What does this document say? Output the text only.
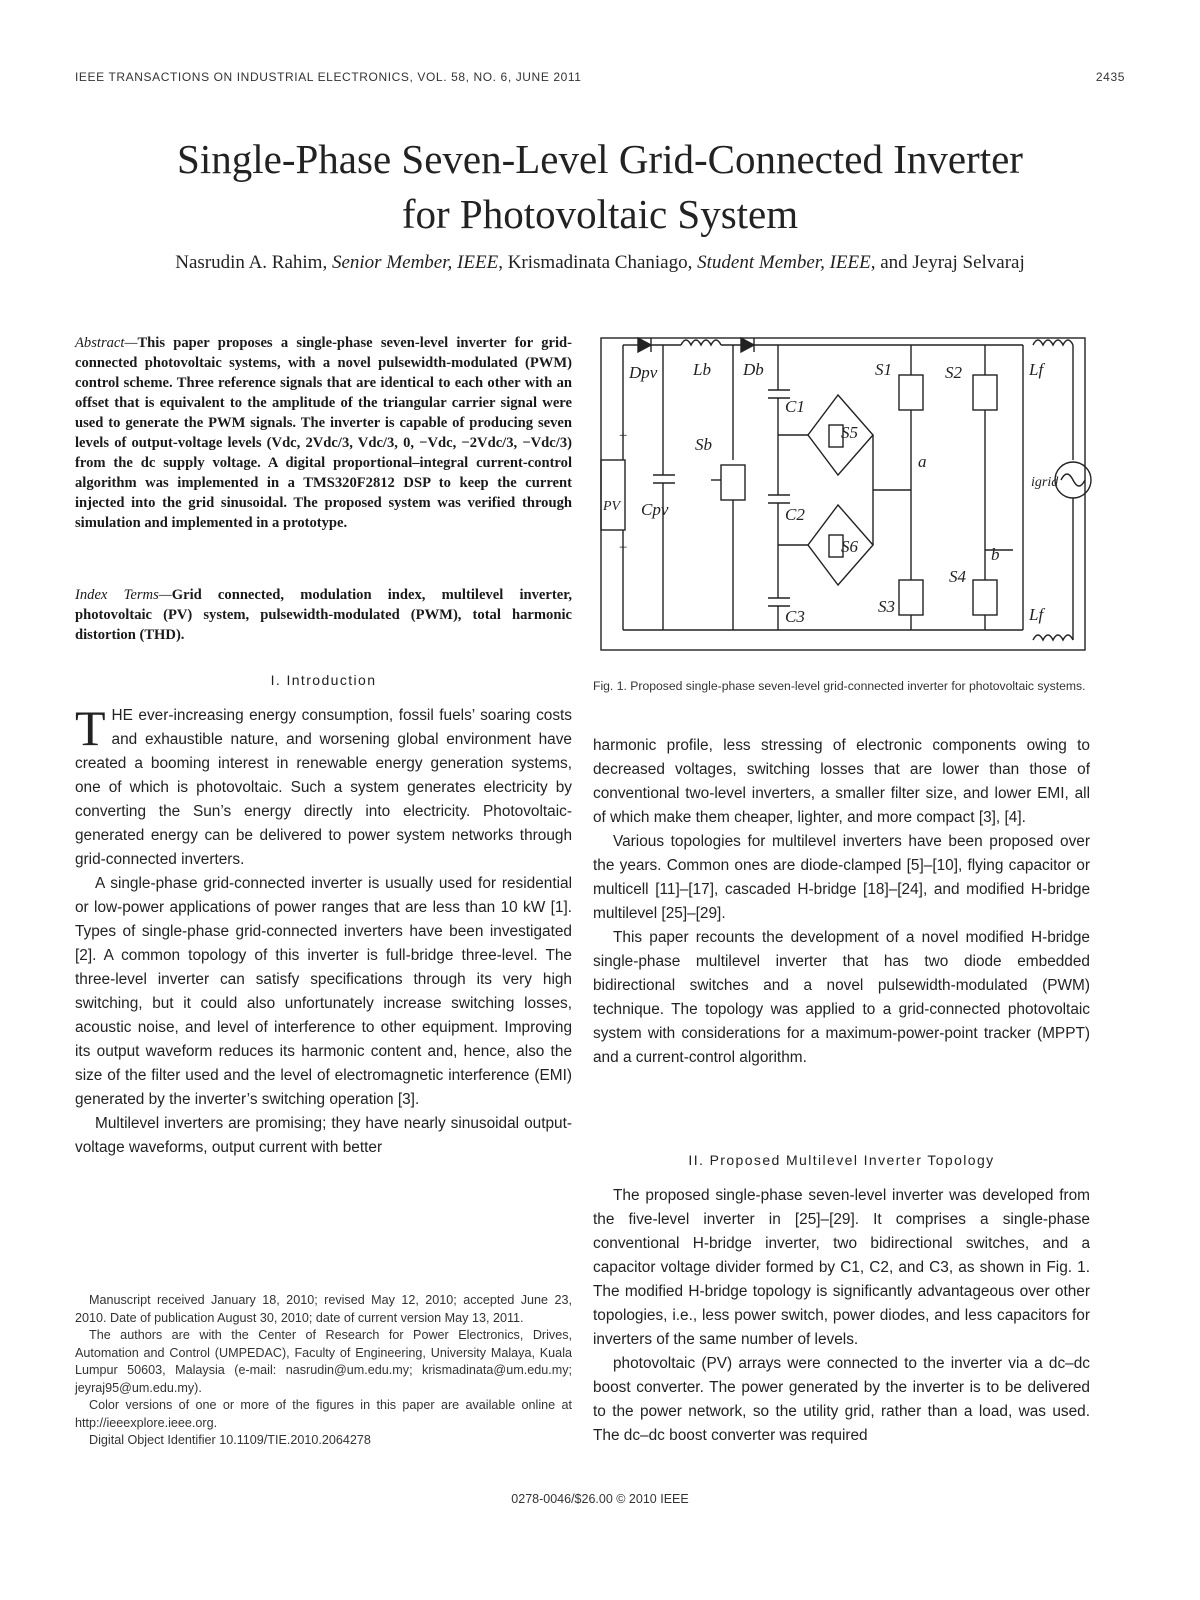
IEEE TRANSACTIONS ON INDUSTRIAL ELECTRONICS, VOL. 58, NO. 6, JUNE 2011	2435
Single-Phase Seven-Level Grid-Connected Inverter
for Photovoltaic System
Nasrudin A. Rahim, Senior Member, IEEE, Krismadinata Chaniago, Student Member, IEEE, and Jeyraj Selvaraj
Abstract—This paper proposes a single-phase seven-level inverter for grid-connected photovoltaic systems, with a novel pulsewidth-modulated (PWM) control scheme. Three reference signals that are identical to each other with an offset that is equivalent to the amplitude of the triangular carrier signal were used to generate the PWM signals. The inverter is capable of producing seven levels of output-voltage levels (Vdc, 2Vdc/3, Vdc/3, 0, −Vdc, −2Vdc/3, −Vdc/3) from the dc supply voltage. A digital proportional–integral current-control algorithm was implemented in a TMS320F2812 DSP to keep the current injected into the grid sinusoidal. The proposed system was verified through simulation and implemented in a prototype.
Index Terms—Grid connected, modulation index, multilevel inverter, photovoltaic (PV) system, pulsewidth-modulated (PWM), total harmonic distortion (THD).
I. Introduction

THE ever-increasing energy consumption, fossil fuels’ soaring costs and exhaustible nature, and worsening global environment have created a booming interest in renewable energy generation systems, one of which is photovoltaic. Such a system generates electricity by converting the Sun’s energy directly into electricity. Photovoltaic-generated energy can be delivered to power system networks through grid-connected inverters.

A single-phase grid-connected inverter is usually used for residential or low-power applications of power ranges that are less than 10 kW [1]. Types of single-phase grid-connected inverters have been investigated [2]. A common topology of this inverter is full-bridge three-level. The three-level inverter can satisfy specifications through its very high switching, but it could also unfortunately increase switching losses, acoustic noise, and level of interference to other equipment. Improving its output waveform reduces its harmonic content and, hence, also the size of the filter used and the level of electromagnetic interference (EMI) generated by the inverter’s switching operation [3].

Multilevel inverters are promising; they have nearly sinusoidal output-voltage waveforms, output current with better

Manuscript received January 18, 2010; revised May 12, 2010; accepted June 23, 2010. Date of publication August 30, 2010; date of current version May 13, 2011.

The authors are with the Center of Research for Power Electronics, Drives, Automation and Control (UMPEDAC), Faculty of Engineering, University Malaya, Kuala Lumpur 50603, Malaysia (e-mail: nasrudin@um.edu.my; krismadinata@um.edu.my; jeyraj95@um.edu.my).

Color versions of one or more of the figures in this paper are available online at http://ieeexplore.ieee.org.

Digital Object Identifier 10.1109/TIE.2010.2064278

Dpv Lb Db	S1	S2
C1
S5
Sb
a
Lf
igrid
+
PV Cpv	C2
S6
−	b
S3
S4
C3	Lf
Fig. 1. Proposed single-phase seven-level grid-connected inverter for photovoltaic systems.

harmonic profile, less stressing of electronic components owing to decreased voltages, switching losses that are lower than those of conventional two-level inverters, a smaller filter size, and lower EMI, all of which make them cheaper, lighter, and more compact [3], [4].

Various topologies for multilevel inverters have been proposed over the years. Common ones are diode-clamped [5]–[10], flying capacitor or multicell [11]–[17], cascaded H-bridge [18]–[24], and modified H-bridge multilevel [25]–[29].

This paper recounts the development of a novel modified H-bridge single-phase multilevel inverter that has two diode embedded bidirectional switches and a novel pulsewidth-modulated (PWM) technique. The topology was applied to a grid-connected photovoltaic system with considerations for a maximum-power-point tracker (MPPT) and a current-control algorithm.

II. Proposed Multilevel Inverter Topology

The proposed single-phase seven-level inverter was developed from the five-level inverter in [25]–[29]. It comprises a single-phase conventional H-bridge inverter, two bidirectional switches, and a capacitor voltage divider formed by C1, C2, and C3, as shown in Fig. 1. The modified H-bridge topology is significantly advantageous over other topologies, i.e., less power switch, power diodes, and less capacitors for inverters of the same number of levels.

photovoltaic (PV) arrays were connected to the inverter via a dc–dc boost converter. The power generated by the inverter is to be delivered to the power network, so the utility grid, rather than a load, was used. The dc–dc boost converter was required

0278-0046/$26.00 © 2010 IEEE
